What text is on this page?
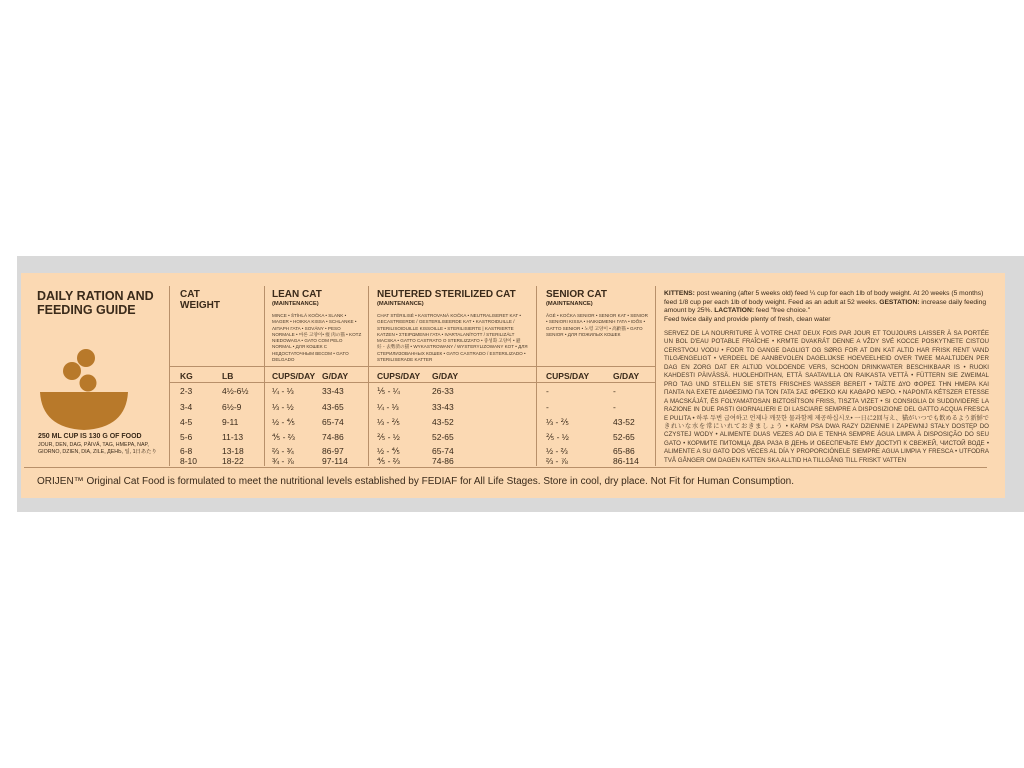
DAILY RATION AND FEEDING GUIDE
250 ML CUP IS 130 G OF FOOD
JOUR, DEN, DAG, PÄIVÄ, TAG, ΗΜΕΡΑ, NAP, GIORNO, DZIEN, DIA, ZILE, ДЕНЬ, 일, 1日あたり
CAT WEIGHT
LEAN CAT
(MAINTENANCE)
MINCE • ŠTÍHLÁ KOČKA • SLANK • MAGER • HOIKKA KISSA • SCHLANKE • ΛΙΠΑΡΗ ΓΑΤΑ • SOVÁNY • PESO NORMALE • 마른 고양이• 痩 肉の猫 • KOTZ NIEDOWAGA • GATO COM PELO NORMAL • ДЛЯ КОШЕК С НЕДОСТАТОЧНЫМ ВЕСОМ • GATO DELGADO
NEUTERED STERILIZED CAT
(MAINTENANCE)
CHAT STÉRILISÉ • KASTROVANÁ KOČKA • NEUTRALISERET KAT • GECASTREERDE / GESTERILISEERDE KAT • KASTROIDUILLE / STERILISOIDUILLE KISSOILLE • STERILISIERTE | KASTRIERTE KATZEN • ΣΤΕΙΡΩΜΕΝΗ ΓΑΤΑ • IVARTALANÍTOTT / STERILIZÁLT MACSKA • GATTO CASTRATO O STERILIZZATO • 중성화 고양이 • 避妊・去勢済の猫 • WYKASTROWANY / WYSTERYLIZOWANY KOT • ДЛЯ СТЕРИЛИЗОВАННЫХ КОШЕК • GATO CASTRADO / ESTERILIZADO • STERILISERADE KATTER
SENIOR CAT
(MAINTENANCE)
ÂGÉ • KOČKA SENIOR • SENIOR KAT • SENIOR • SENIORI KISSA • ΗΛΙΚΙΩΜΕΝΗ ΓΑΤΑ • IDŐS • GATTO SENIOR • 노령 고양이 • 高齢猫 • GATO SENIOR • ДЛЯ ПОЖИЛЫХ КОШЕК
KG	LB	CUPS/DAY G/DAY	CUPS/DAY G/DAY	CUPS/DAY	G/DAY
2-3	4½-6½	¼ - ⅓	33-43	⅕ - ¼	26-33	-	-
3-4	6½-9	⅓ - ½	43-65	¼ - ⅓	33-43	-	-
4-5	9-11	½ - ⅘	65-74	⅓ - ⅖	43-52	⅓ - ⅖	43-52
5-6	11-13	⅘ - ⅔	74-86	⅖ - ½	52-65	⅖ - ½	52-65
6-8	13-18	⅔ - ¾	86-97	½ - ⅘	65-74	½ - ⅔	65-86
8-10	18-22	¾ - ⅞	97-114	⅘ - ⅔	74-86	⅔ - ⅞	86-114
KITTENS: post weaning (after 5 weeks old) feed ¼ cup for each 1lb of body weight. At 20 weeks (5 months) feed 1/8 cup per each 1lb of body weight. Feed as an adult at 52 weeks. GESTATION: increase daily feeding amount by 25%. LACTATION: feed "free choice."
Feed twice daily and provide plenty of fresh, clean water
SERVEZ DE LA NOURRITURE À VOTRE CHAT DEUX FOIS PAR JOUR ET TOUJOURS LAISSER À SA PORTÉE UN BOL D'EAU POTABLE FRAÎCHE • KRMTE DVAKRÁT DENNE A VŽDY SVÉ KOCCE POSKYTNETE CISTOU CERSTVOU VODU • FODR TO GANGE DAGLIGT OG SØRG FOR AT DIN KAT ALTID HAR FRISK RENT VAND TILGÆNGELIGT • VERDEEL DE AANBEVOLEN DAGELIJKSE HOEVEELHEID OVER TWEE MAALTIJDEN PER DAG EN ZORG DAT ER ALTIJD VOLDOENDE VERS, SCHOON DRINKWATER BESCHIKBAAR IS • RUOKI KAHDESTI PÄIVÄSSÄ. HUOLEHDITHAN, ETTÄ SAATAVILLA ON RAIKASTA VETTÄ • FÜTTERN SIE ZWEIMAL PRO TAG UND STELLEN SIE STETS FRISCHES WASSER BEREIT • ΤΑΪΣΤΕ ΔΥΟ ΦΟΡΕΣ ΤΗΝ ΗΜΕΡΑ ΚΑΙ ΠΑΝΤΑ ΝΑ ΕΧΕΤΕ ΔΙΑΘΕΣΙΜΟ ΓΙΑ ΤΟΝ ΓΑΤΑ ΣΑΣ ΦΡΕΣΚΟ ΚΑΙ ΚΑΘΑΡΟ ΝΕΡΟ. • NAPONTA KÉTSZER ETESSE A MACSKÁJÁT, ÉS FOLYAMATOSAN BIZTOSÍTSON FRISS, TISZTA VIZET • SI CONSIGLIA DI SUDDIVIDERE LA RAZIONE IN DUE PASTI GIORNALIERI E DI LASCIARE SEMPRE A DISPOSIZIONE DEL GATTO ACQUA FRESCA E PULITA • 하루 두번 급여하고 언제나 깨끗한 물과함께 제공하십시오• 一日に2回与え、猫がいつでも飲めるよう新鮮できれいな水を常にいれておきましょう • KARM PSA DWA RAZY DZIENNIE I ZAPEWNIJ STAŁY DOSTĘP DO CZYSTEJ WODY • ALIMENTE DUAS VEZES AO DIA E TENHA SEMPRE ÁGUA LIMPA À DISPOSIÇÃO DO SEU GATO • КОРМИТЕ ПИТОМЦА ДВА РАЗА В ДЕНЬ И ОБЕСПЕЧЬТЕ ЕМУ ДОСТУП К СВЕЖЕЙ, ЧИСТОЙ ВОДЕ • ALIMENTE A SU GATO DOS VECES AL DÍA Y PROPORCIÓNELE SIEMPRE AGUA LIMPIA Y FRESCA • UTFODRA TVÅ GÅNGER OM DAGEN KATTEN SKA ALLTID HA TILLGÅNG TILL FRISKT VATTEN
ORIJEN™ Original Cat Food is formulated to meet the nutritional levels established by FEDIAF for All Life Stages. Store in cool, dry place. Not Fit for Human Consumption.
